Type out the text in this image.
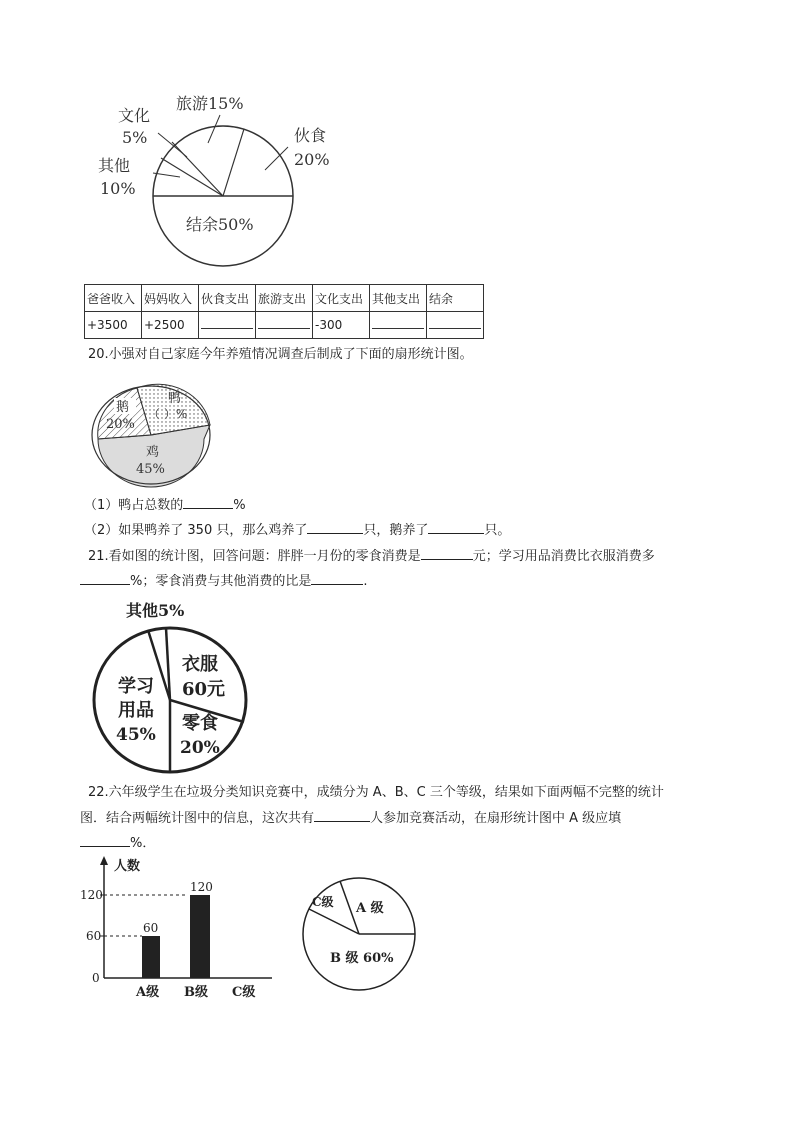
旅游15%
文化
5%
其他
10%
伙食
20%
结余50%
爸爸收入	妈妈收入	伙食支出	旅游支出	文化支出	其他支出	结余
+3500	+2500			-300		
20.小强对自己家庭今年养殖情况调查后制成了下面的扇形统计图。
鹅
20%
鸭
（ ）%
鸡
45%
（1）鸭占总数的	%
（2）如果鸭养了 350 只，那么鸡养了	只，鹅养了	只。
21.看如图的统计图，回答问题：胖胖一月份的零食消费是	元；学习用品消费比衣服消费多
%；零食消费与其他消费的比是	.
其他5%
衣服
60元
学习
用品
45%
零食
20%
22.六年级学生在垃圾分类知识竞赛中，成绩分为 A、B、C 三个等级，结果如下面两幅不完整的统计
图．结合两幅统计图中的信息，这次共有	人参加竞赛活动，在扇形统计图中 A 级应填
%．
人数
120
60
0
60
120
A级 B级 C级
C级 A 级
B 级 60%
